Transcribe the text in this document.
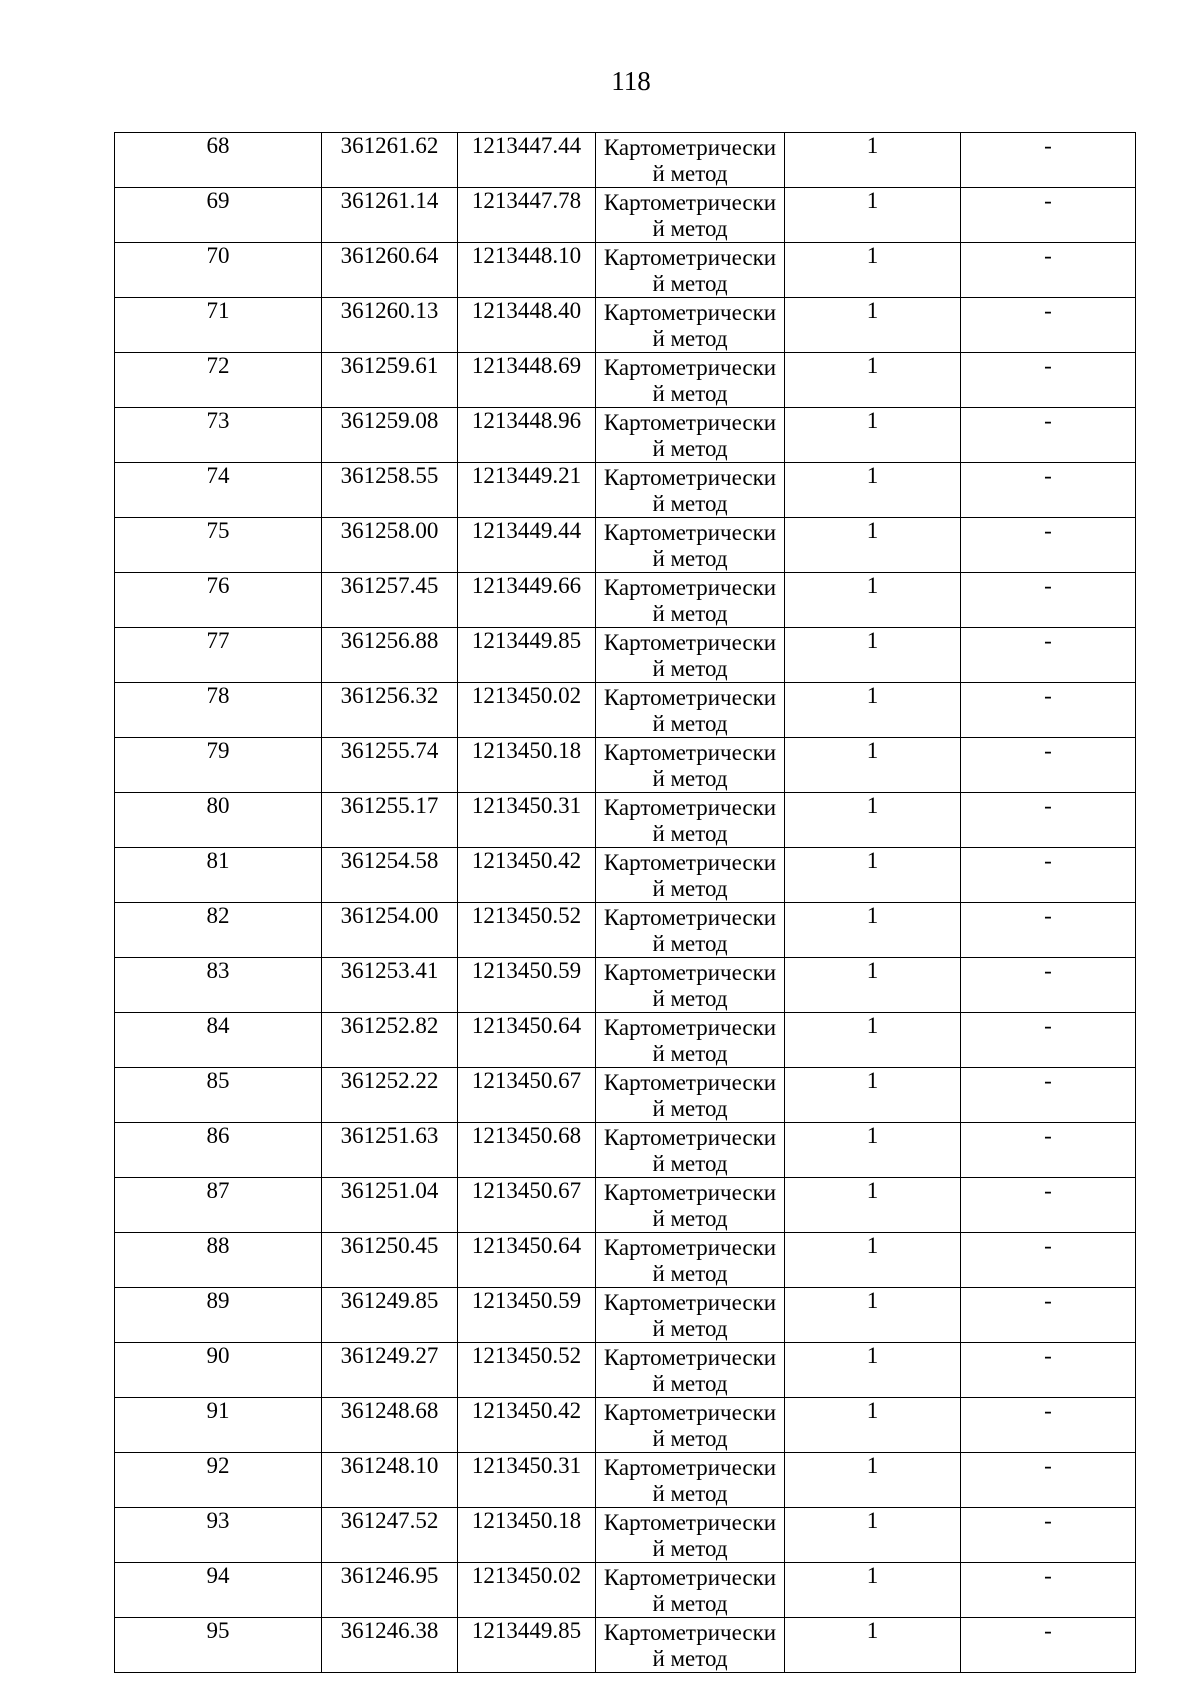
118
68	361261.62	1213447.44	Картометрически й метод	1	-
69	361261.14	1213447.78	Картометрически й метод	1	-
70	361260.64	1213448.10	Картометрически й метод	1	-
71	361260.13	1213448.40	Картометрически й метод	1	-
72	361259.61	1213448.69	Картометрически й метод	1	-
73	361259.08	1213448.96	Картометрически й метод	1	-
74	361258.55	1213449.21	Картометрически й метод	1	-
75	361258.00	1213449.44	Картометрически й метод	1	-
76	361257.45	1213449.66	Картометрически й метод	1	-
77	361256.88	1213449.85	Картометрически й метод	1	-
78	361256.32	1213450.02	Картометрически й метод	1	-
79	361255.74	1213450.18	Картометрически й метод	1	-
80	361255.17	1213450.31	Картометрически й метод	1	-
81	361254.58	1213450.42	Картометрически й метод	1	-
82	361254.00	1213450.52	Картометрически й метод	1	-
83	361253.41	1213450.59	Картометрически й метод	1	-
84	361252.82	1213450.64	Картометрически й метод	1	-
85	361252.22	1213450.67	Картометрически й метод	1	-
86	361251.63	1213450.68	Картометрически й метод	1	-
87	361251.04	1213450.67	Картометрически й метод	1	-
88	361250.45	1213450.64	Картометрически й метод	1	-
89	361249.85	1213450.59	Картометрически й метод	1	-
90	361249.27	1213450.52	Картометрически й метод	1	-
91	361248.68	1213450.42	Картометрически й метод	1	-
92	361248.10	1213450.31	Картометрически й метод	1	-
93	361247.52	1213450.18	Картометрически й метод	1	-
94	361246.95	1213450.02	Картометрически й метод	1	-
95	361246.38	1213449.85	Картометрически й метод	1	-
